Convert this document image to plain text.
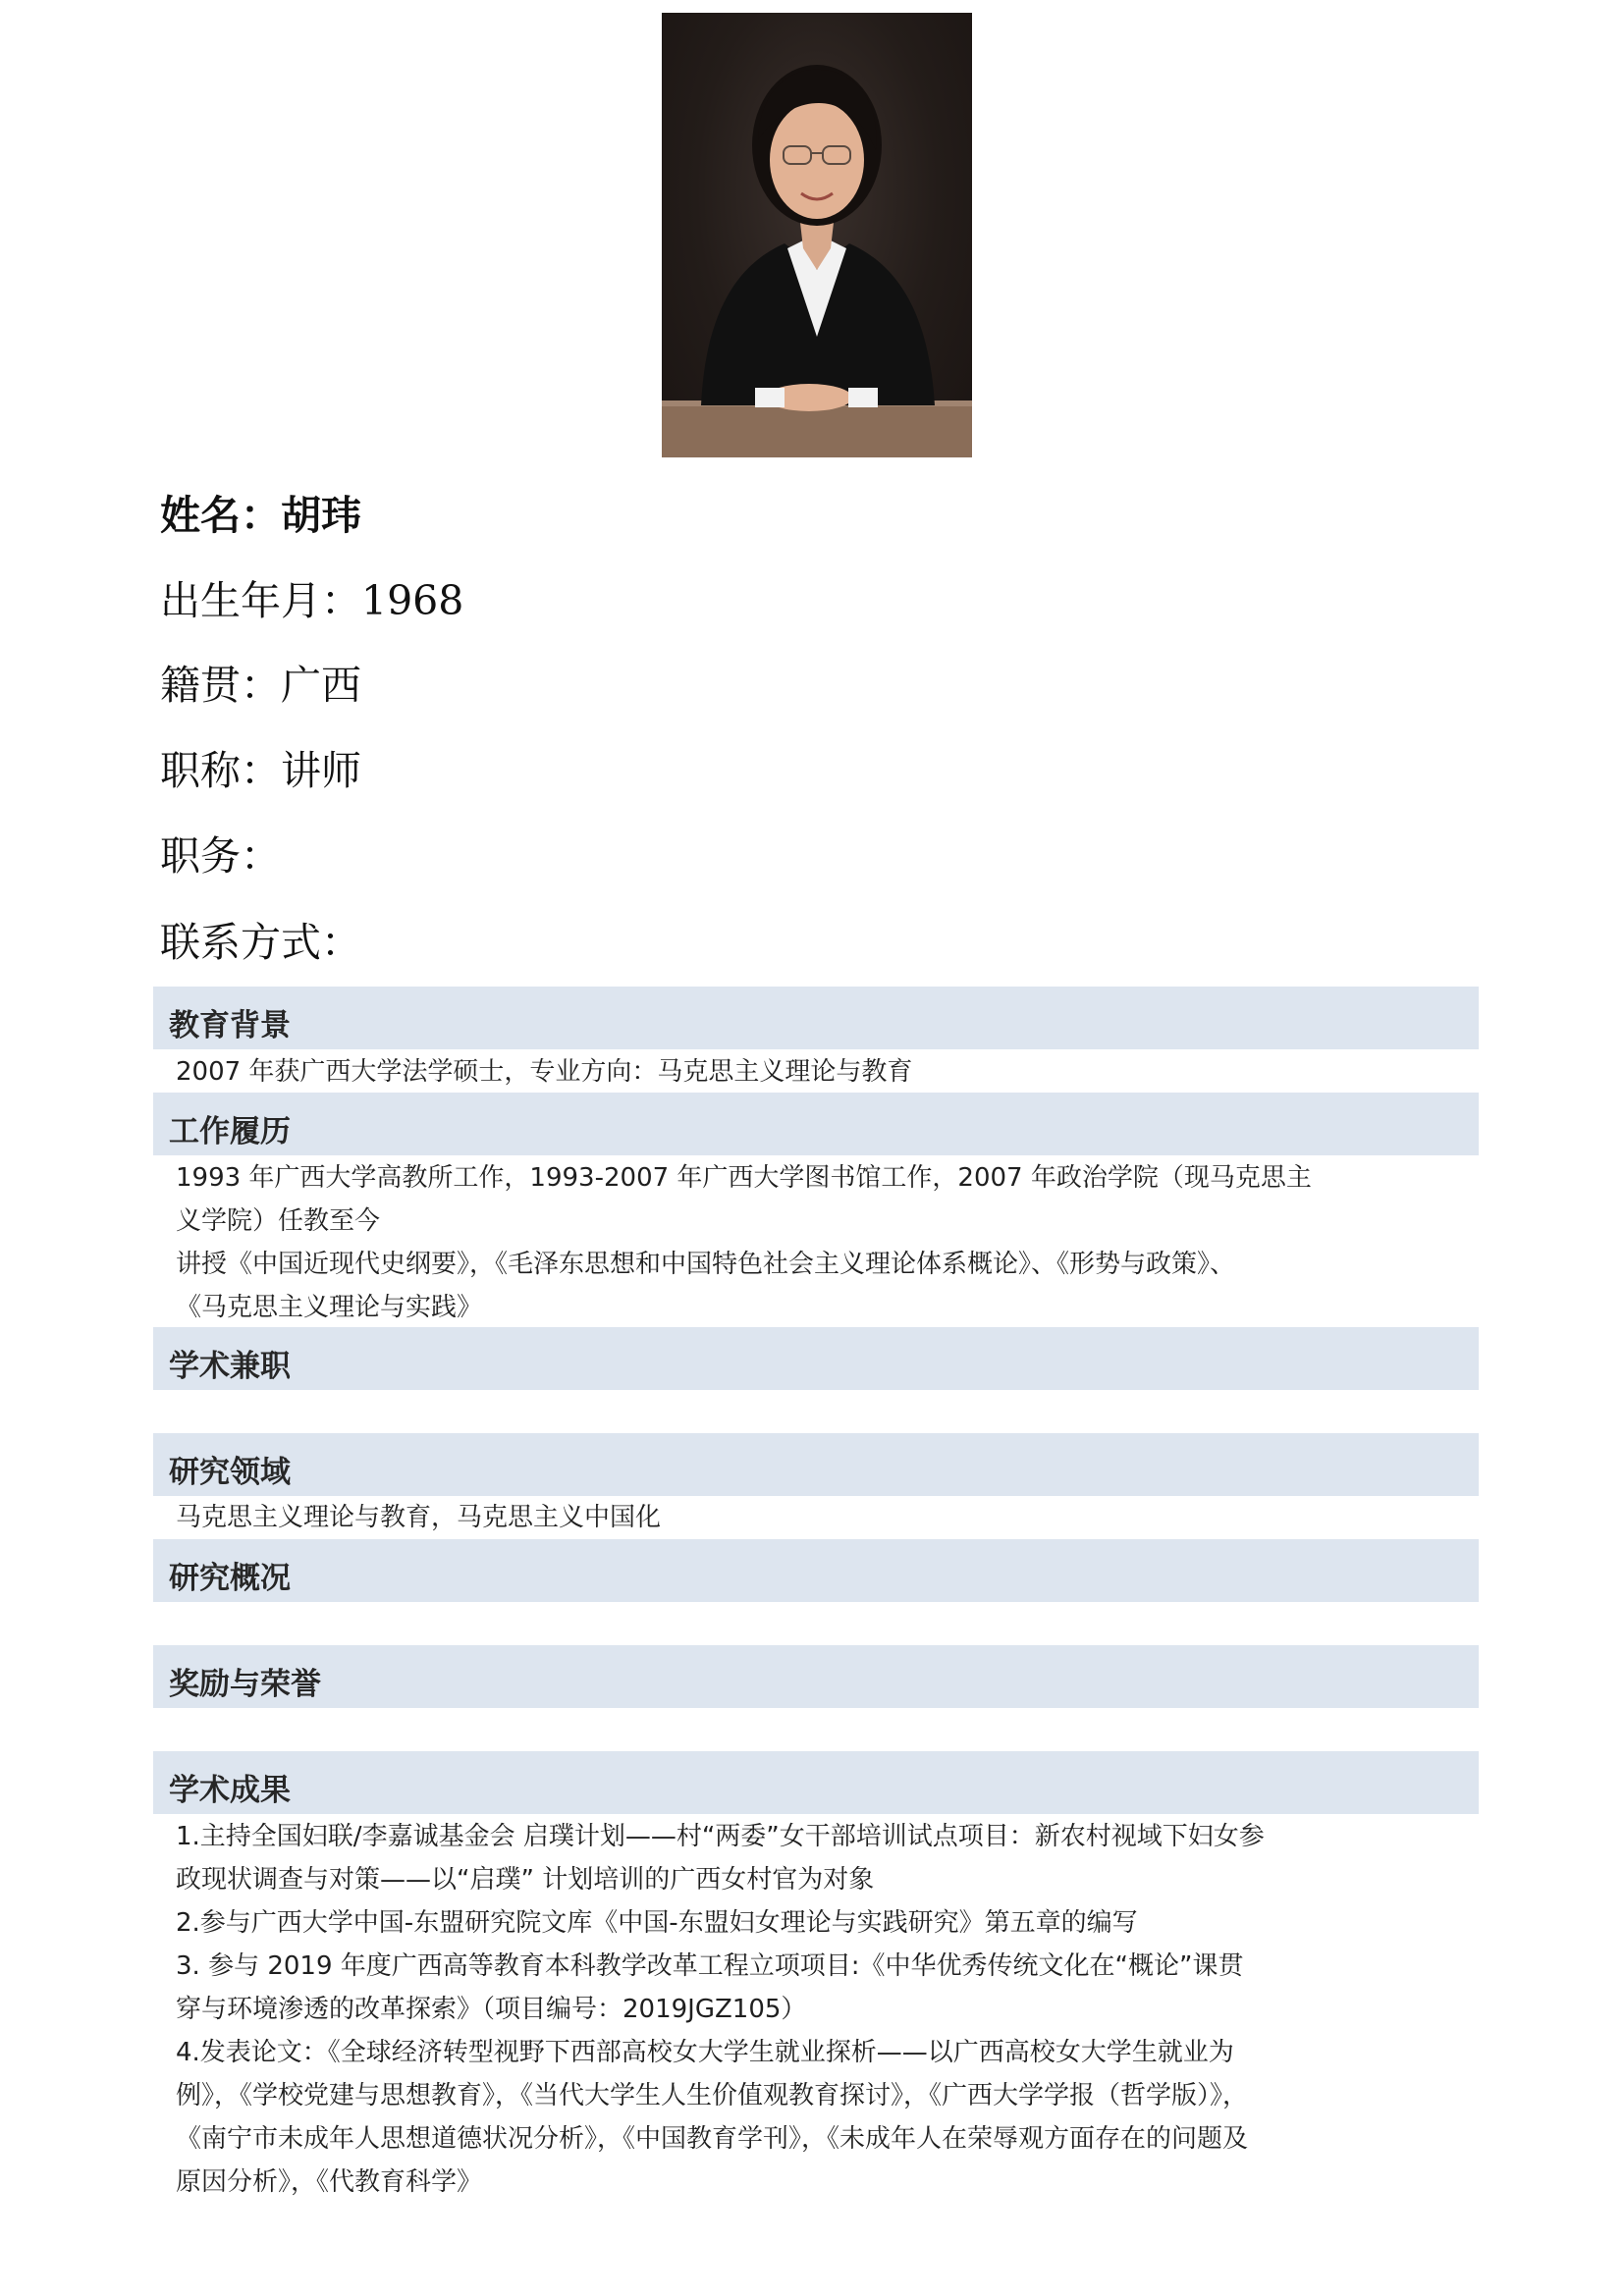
姓名：胡玮
出生年月：1968
籍贯：广西
职称：讲师
职务：
联系方式：
教育背景

2007 年获广西大学法学硕士，专业方向：马克思主义理论与教育

工作履历

1993 年广西大学高教所工作，1993-2007 年广西大学图书馆工作，2007 年政治学院（现马克思主

义学院）任教至今

讲授《中国近现代史纲要》，《毛泽东思想和中国特色社会主义理论体系概论》、《形势与政策》、

《马克思主义理论与实践》

学术兼职
研究领域

马克思主义理论与教育，马克思主义中国化

研究概况
奖励与荣誉
学术成果

1.主持全国妇联/李嘉诚基金会 启璞计划——村“两委”女干部培训试点项目：新农村视域下妇女参

政现状调查与对策——以“启璞” 计划培训的广西女村官为对象

2.参与广西大学中国-东盟研究院文库《中国-东盟妇女理论与实践研究》第五章的编写

3. 参与 2019 年度广西高等教育本科教学改革工程立项项目:《中华优秀传统文化在“概论”课贯

穿与环境渗透的改革探索》（项目编号：2019JGZ105）

4.发表论文：《全球经济转型视野下西部高校女大学生就业探析——以广西高校女大学生就业为

例》，《学校党建与思想教育》，《当代大学生人生价值观教育探讨》，《广西大学学报（哲学版）》，

《南宁市未成年人思想道德状况分析》，《中国教育学刊》，《未成年人在荣辱观方面存在的问题及

原因分析》，《代教育科学》
